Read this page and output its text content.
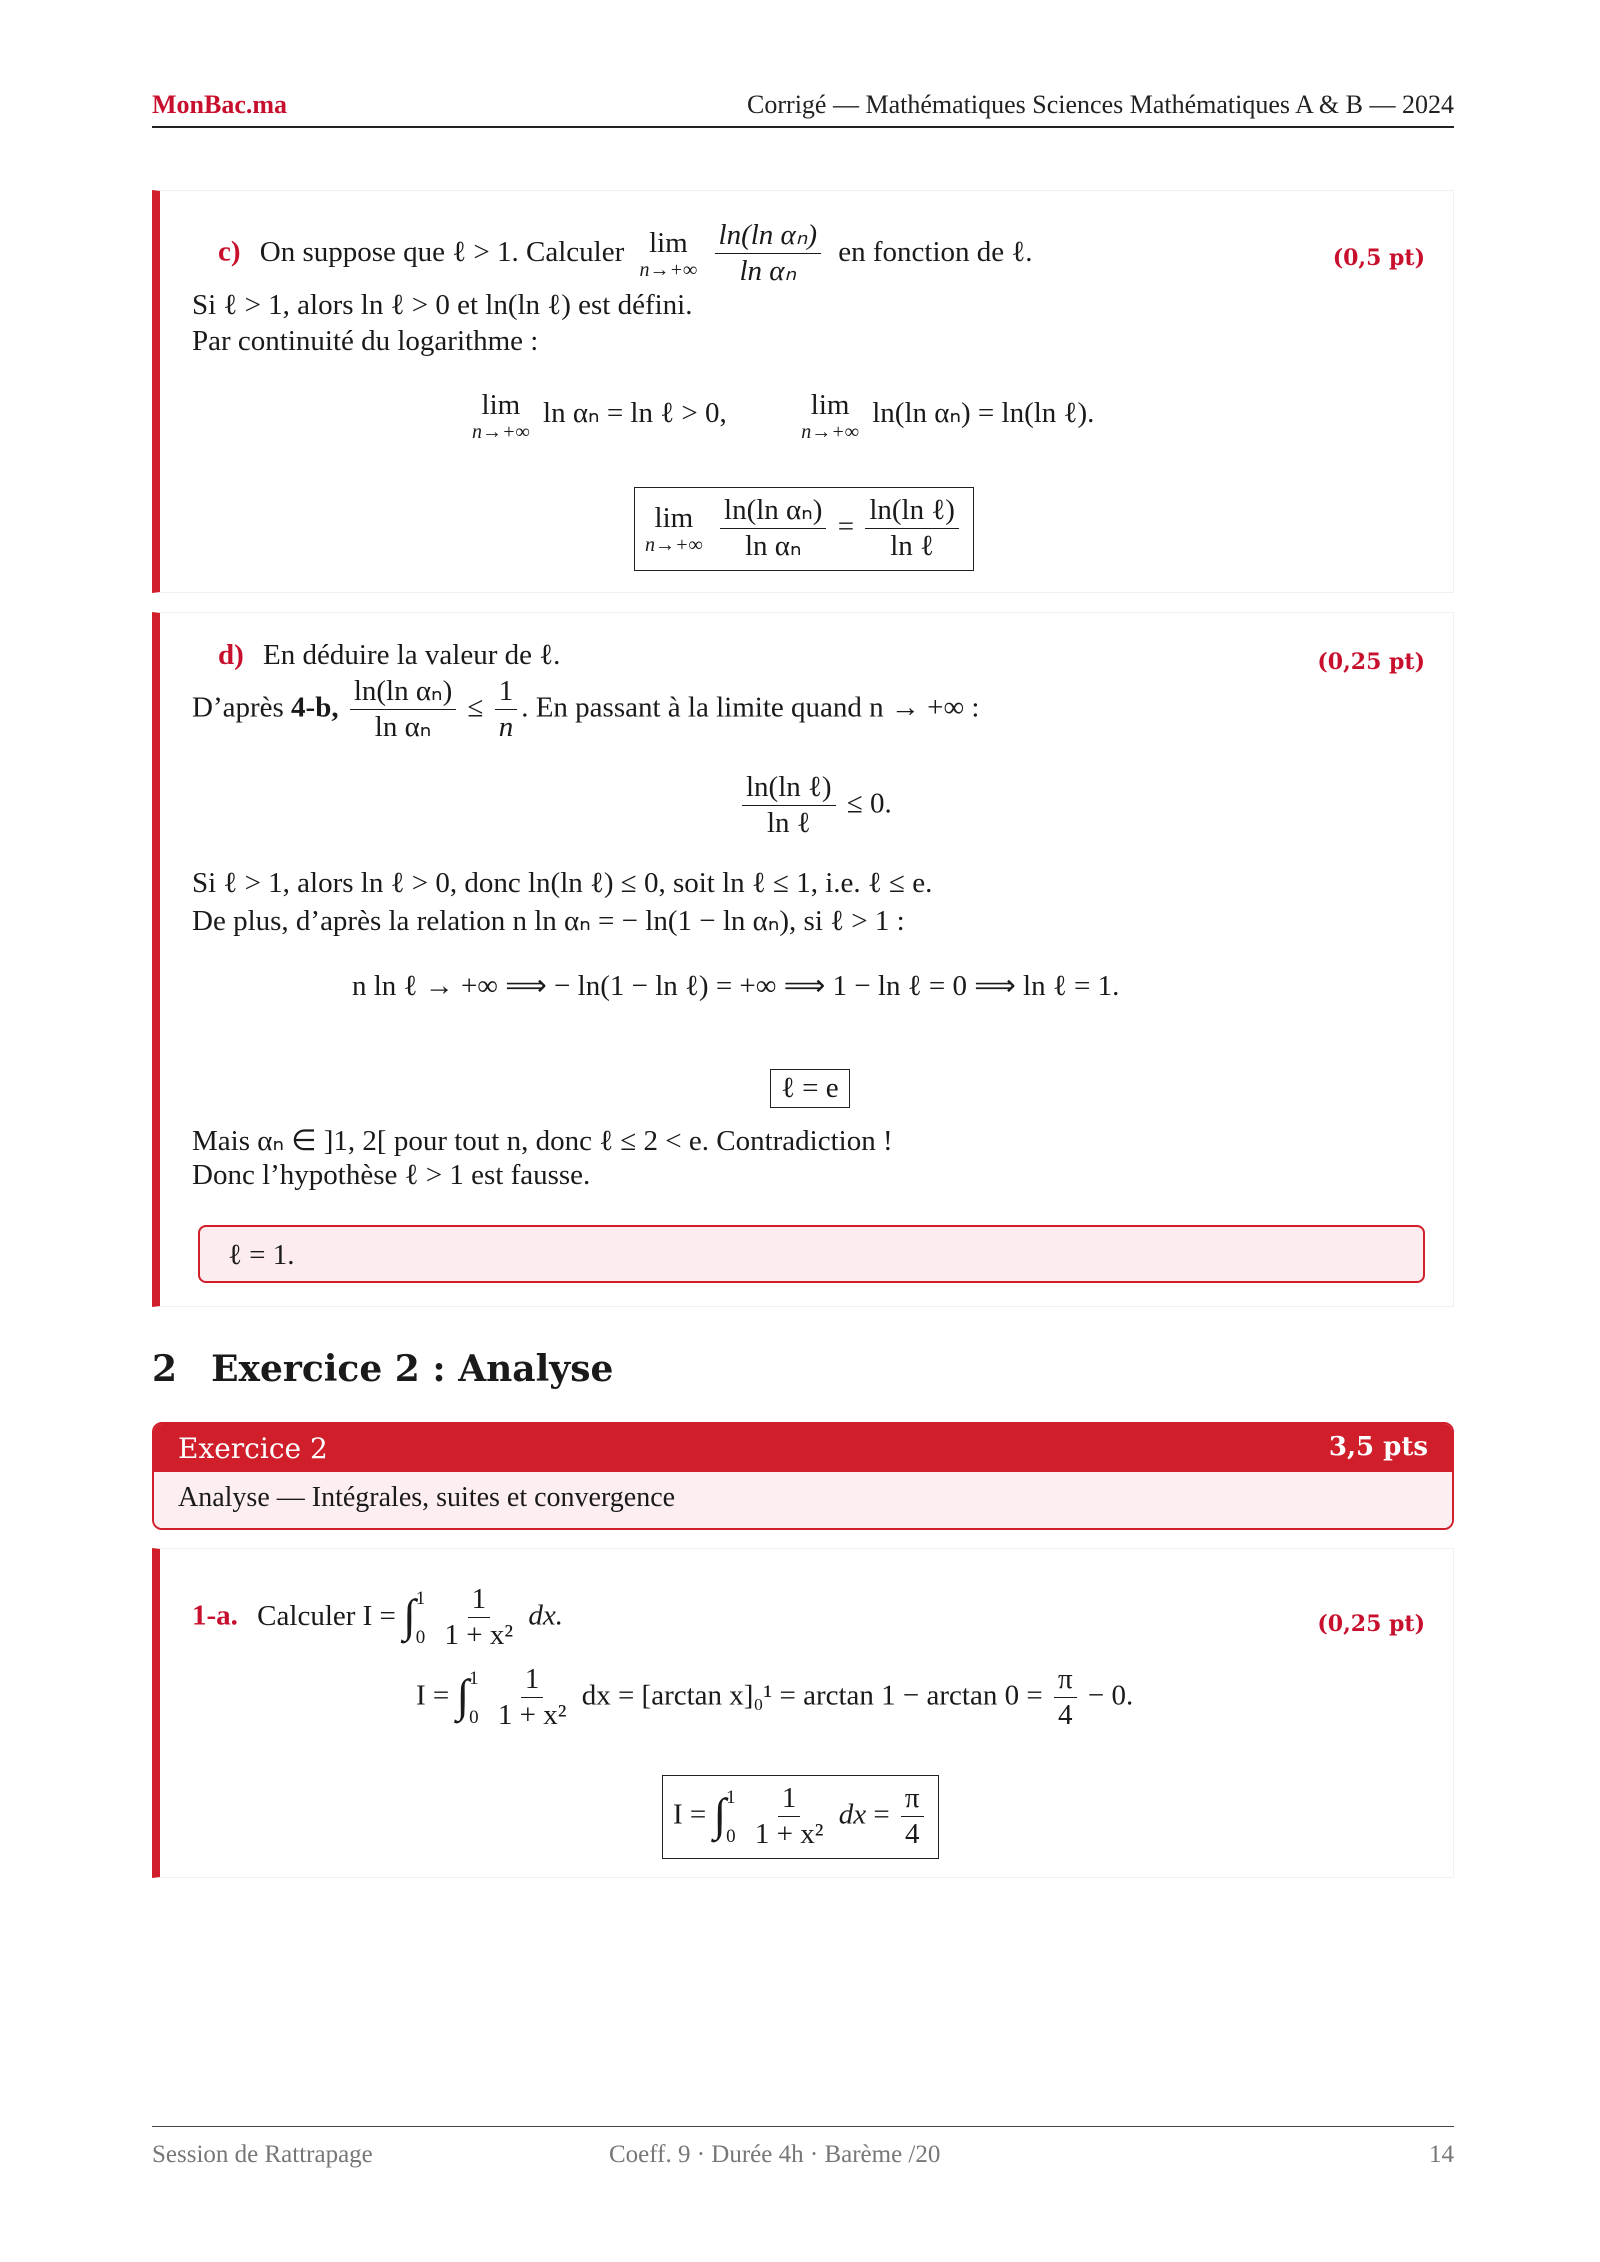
MonBac.ma	Corrigé — Mathématiques Sciences Mathématiques A & B — 2024
c) On suppose que ℓ > 1. Calculer lim
n→+∞
$\frac{\text{ln(ln αₙ)}}{\text{ln αₙ}}$ en fonction de ℓ.	(0,5 pt)
Si ℓ > 1, alors ln ℓ > 0 et ln(ln ℓ) est défini.
Par continuité du logarithme :
lim
n→+∞
ln αₙ = ln ℓ > 0,	lim
n→+∞
ln(ln αₙ) = ln(ln ℓ).
lim
n→+∞
$\frac{\text{ln(ln αₙ)}}{\text{ln αₙ}} = \frac{\text{ln(ln ℓ)}}{\text{ln ℓ}}$
d) En déduire la valeur de ℓ.	(0,25 pt)
D’après 4-b, $\frac{\text{ln(ln αₙ)}}{\text{ln αₙ}} \le \frac{1}{n}$ . En passant à la limite quand n → +∞ :
$\frac{\text{ln(ln ℓ)}}{\text{ln ℓ}} \le 0$.
Si ℓ > 1, alors ln ℓ > 0, donc ln(ln ℓ) ≤ 0, soit ln ℓ ≤ 1, i.e. ℓ ≤ e.
De plus, d’après la relation n ln αₙ = − ln(1 − ln αₙ), si ℓ > 1 :
n ln ℓ → +∞ ⟹ − ln(1 − ln ℓ) = +∞ ⟹ 1 − ln ℓ = 0 ⟹ ln ℓ = 1.
ℓ = e
Mais αₙ ∈ ]1, 2[ pour tout n, donc ℓ ≤ 2 < e. Contradiction !
Donc l’hypothèse ℓ > 1 est fausse.
ℓ = 1.
2 Exercice 2 : Analyse
Exercice 2	3,5 pts
Analyse — Intégrales, suites et convergence
1-a. Calculer I = ∫ 1
0
$\frac{1}{\text{1 + x²}}$ dx.	(0,25 pt)
I = ∫ 1
0
$\frac{1}{\text{1 + x²}}$ dx = [arctan $x]_0^1 = \arctan 1 - \arctan 0 = \frac{\pi}{4} - 0$.
I = ∫ 1
0
$\frac{1}{\text{1 + x²}}$ dx = $\frac{\pi}{4}$
Session de Rattrapage	Coeff. 9 · Durée 4h · Barème /20	14
